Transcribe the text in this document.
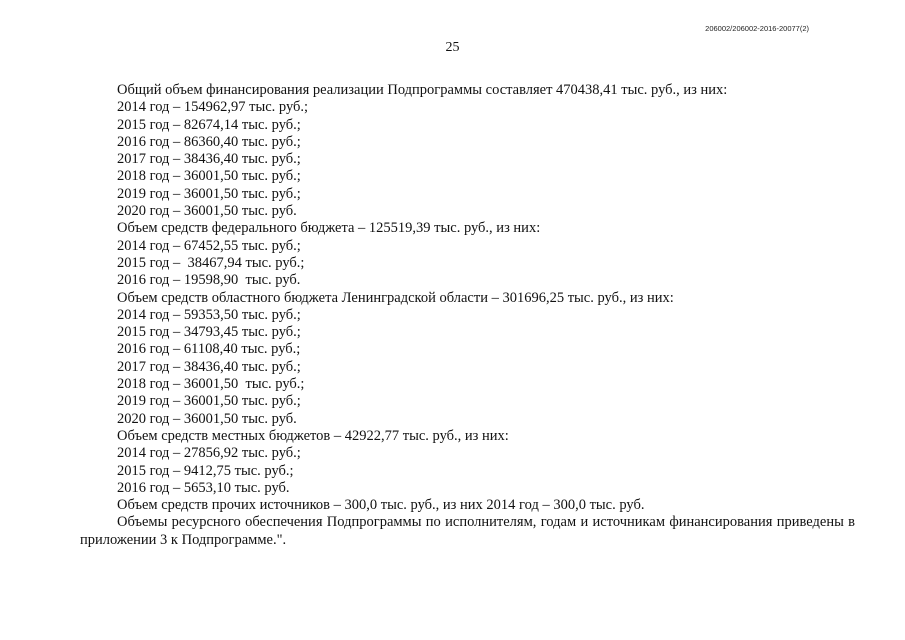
206002/206002-2016-20077(2)
25
Общий объем финансирования реализации Подпрограммы составляет 470438,41 тыс. руб., из них:
2014 год – 154962,97 тыс. руб.;
2015 год – 82674,14 тыс. руб.;
2016 год – 86360,40 тыс. руб.;
2017 год – 38436,40 тыс. руб.;
2018 год – 36001,50 тыс. руб.;
2019 год – 36001,50 тыс. руб.;
2020 год – 36001,50 тыс. руб.
Объем средств федерального бюджета – 125519,39 тыс. руб., из них:
2014 год – 67452,55 тыс. руб.;
2015 год –  38467,94 тыс. руб.;
2016 год – 19598,90  тыс. руб.
Объем средств областного бюджета Ленинградской области – 301696,25 тыс. руб., из них:
2014 год – 59353,50 тыс. руб.;
2015 год – 34793,45 тыс. руб.;
2016 год – 61108,40 тыс. руб.;
2017 год – 38436,40 тыс. руб.;
2018 год – 36001,50  тыс. руб.;
2019 год – 36001,50 тыс. руб.;
2020 год – 36001,50 тыс. руб.
Объем средств местных бюджетов – 42922,77 тыс. руб., из них:
2014 год – 27856,92 тыс. руб.;
2015 год – 9412,75 тыс. руб.;
2016 год – 5653,10 тыс. руб.
Объем средств прочих источников – 300,0 тыс. руб., из них 2014 год – 300,0 тыс. руб.
Объемы ресурсного обеспечения Подпрограммы по исполнителям, годам и источникам финансирования приведены в приложении 3 к Подпрограмме.".
